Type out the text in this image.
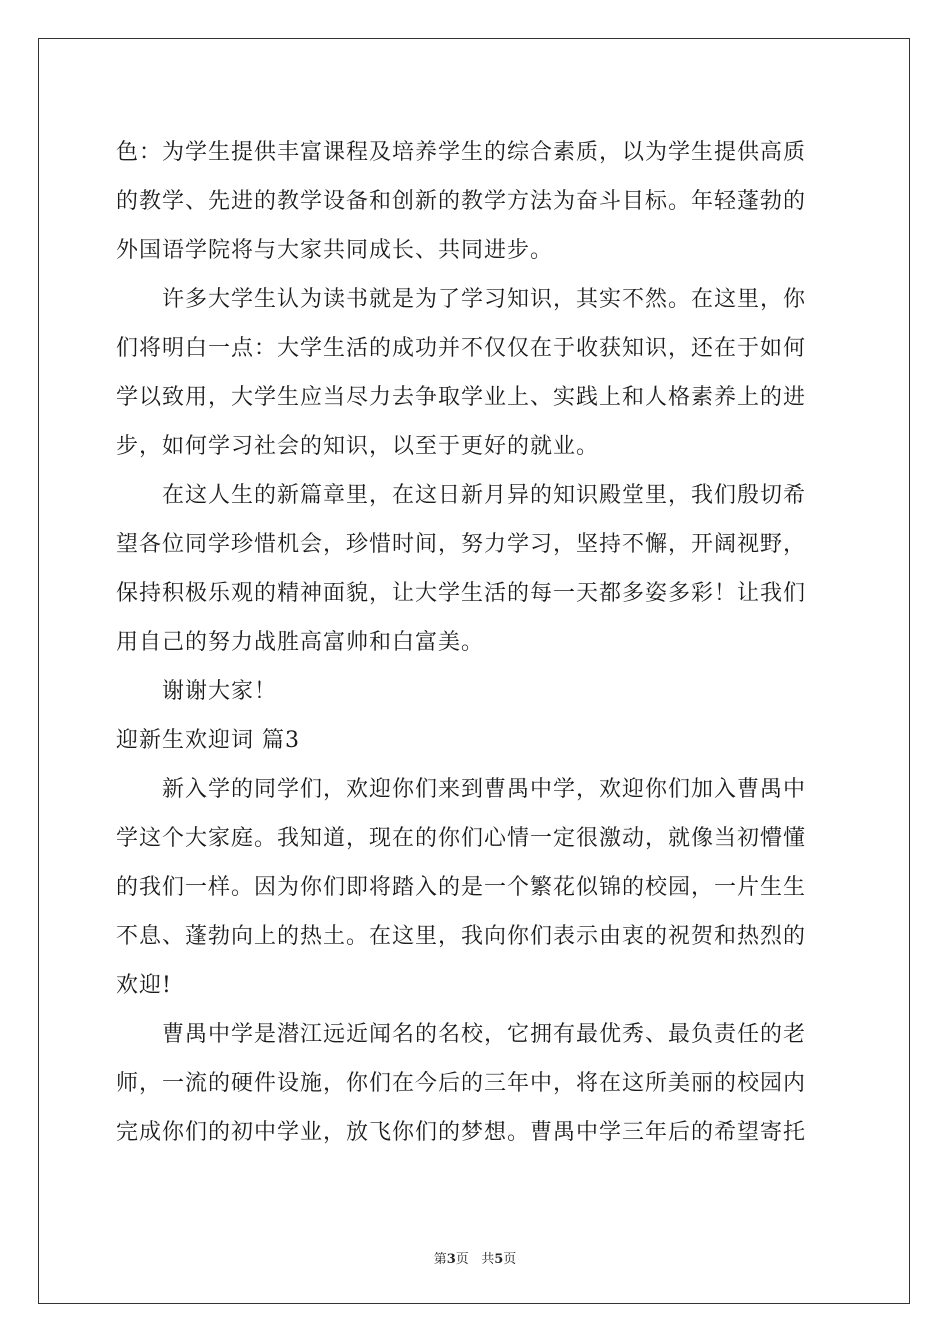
色：为学生提供丰富课程及培养学生的综合素质，以为学生提供高质
的教学、先进的教学设备和创新的教学方法为奋斗目标。年轻蓬勃的
外国语学院将与大家共同成长、共同进步。
许多大学生认为读书就是为了学习知识，其实不然。在这里，你
们将明白一点：大学生活的成功并不仅仅在于收获知识，还在于如何
学以致用，大学生应当尽力去争取学业上、实践上和人格素养上的进
步，如何学习社会的知识，以至于更好的就业。
在这人生的新篇章里，在这日新月异的知识殿堂里，我们殷切希
望各位同学珍惜机会，珍惜时间，努力学习，坚持不懈，开阔视野，
保持积极乐观的精神面貌，让大学生活的每一天都多姿多彩！让我们
用自己的努力战胜高富帅和白富美。
谢谢大家！
迎新生欢迎词 篇3
新入学的同学们，欢迎你们来到曹禺中学，欢迎你们加入曹禺中
学这个大家庭。我知道，现在的你们心情一定很激动，就像当初懵懂
的我们一样。因为你们即将踏入的是一个繁花似锦的校园，一片生生
不息、蓬勃向上的热土。在这里，我向你们表示由衷的祝贺和热烈的
欢迎!
曹禺中学是潜江远近闻名的名校，它拥有最优秀、最负责任的老
师，一流的硬件设施，你们在今后的三年中，将在这所美丽的校园内
完成你们的初中学业，放飞你们的梦想。曹禺中学三年后的希望寄托
第3页 共5页
